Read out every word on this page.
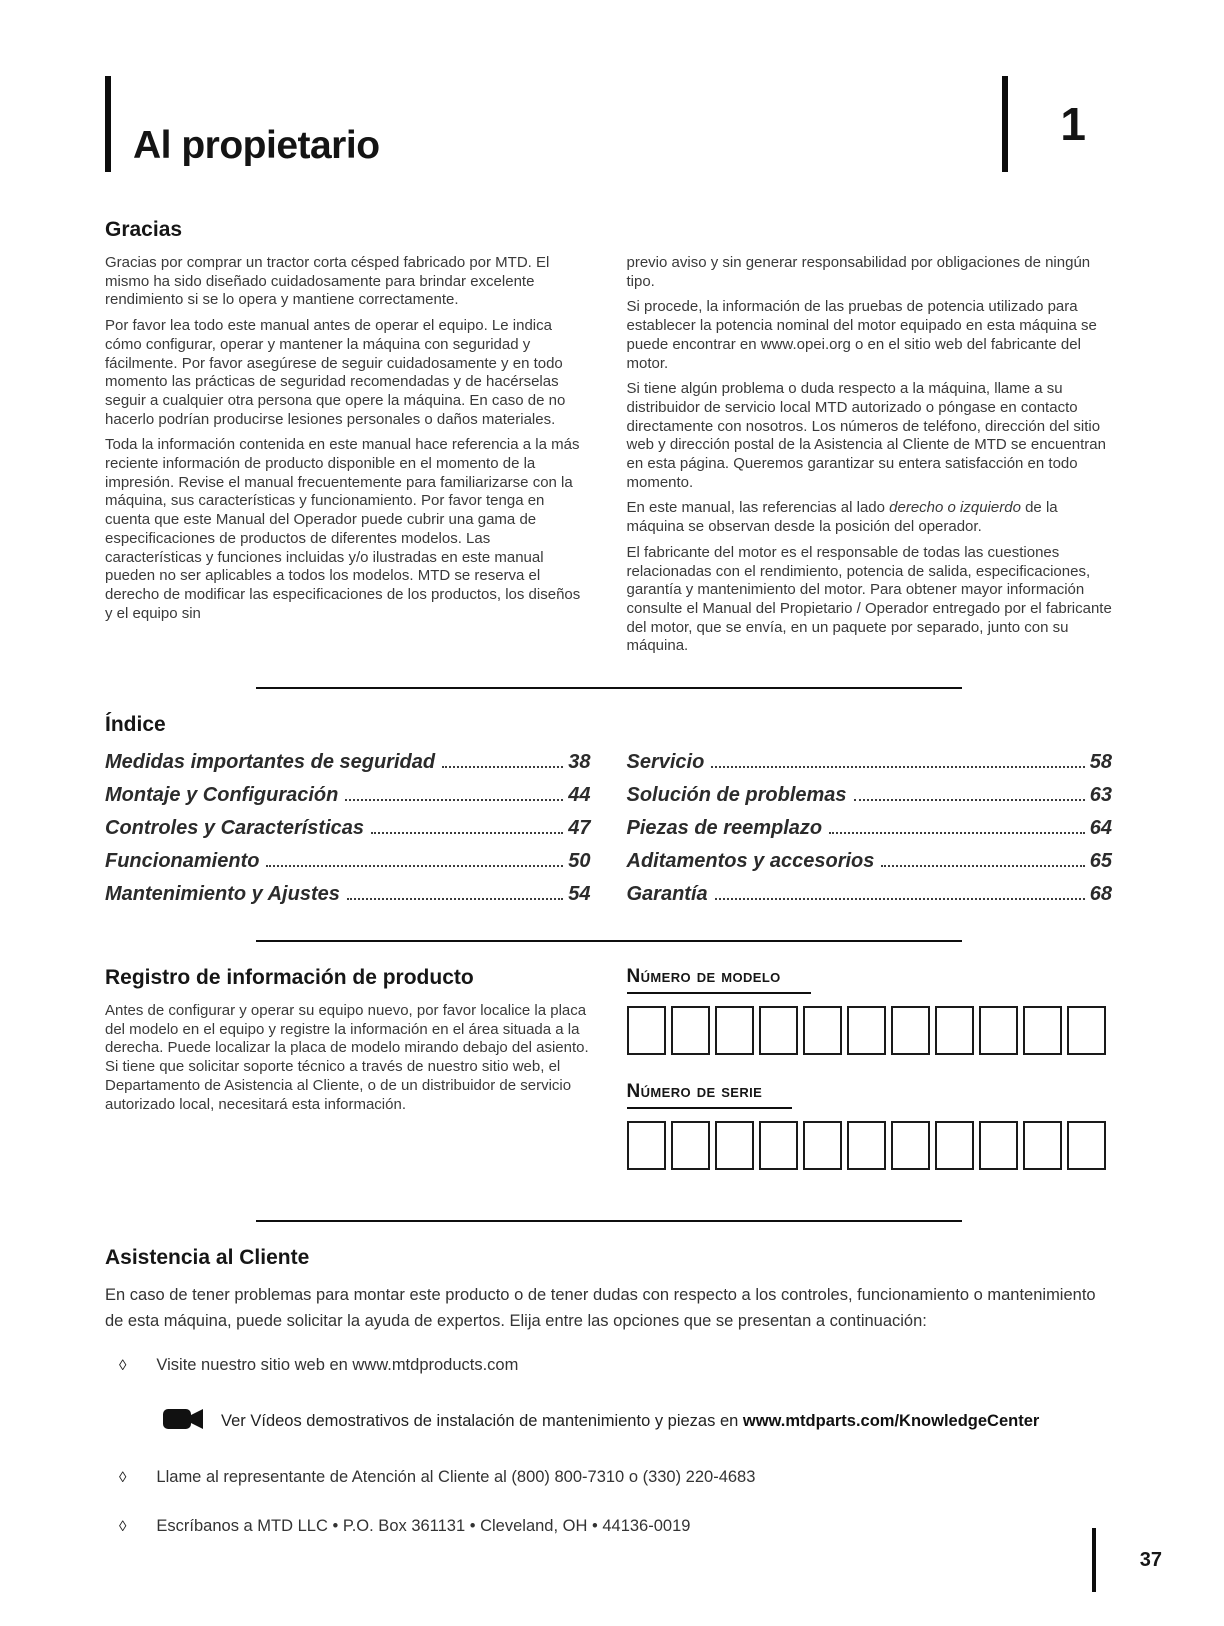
Al propietario	1
Gracias

Gracias por comprar un tractor corta césped fabricado por MTD. El mismo ha sido diseñado cuidadosamente para brindar excelente rendimiento si se lo opera y mantiene correctamente.

Por favor lea todo este manual antes de operar el equipo. Le indica cómo configurar, operar y mantener la máquina con seguridad y fácilmente. Por favor asegúrese de seguir cuidadosamente y en todo momento las prácticas de seguridad recomendadas y de hacérselas seguir a cualquier otra persona que opere la máquina. En caso de no hacerlo podrían producirse lesiones personales o daños materiales.

Toda la información contenida en este manual hace referencia a la más reciente información de producto disponible en el momento de la impresión. Revise el manual frecuentemente para familiarizarse con la máquina, sus características y funcionamiento. Por favor tenga en cuenta que este Manual del Operador puede cubrir una gama de especificaciones de productos de diferentes modelos. Las características y funciones incluidas y/o ilustradas en este manual pueden no ser aplicables a todos los modelos. MTD se reserva el derecho de modificar las especificaciones de los productos, los diseños y el equipo sin

previo aviso y sin generar responsabilidad por obligaciones de ningún tipo.

Si procede, la información de las pruebas de potencia utilizado para establecer la potencia nominal del motor equipado en esta máquina se puede encontrar en www.opei.org o en el sitio web del fabricante del motor.

Si tiene algún problema o duda respecto a la máquina, llame a su distribuidor de servicio local MTD autorizado o póngase en contacto directamente con nosotros. Los números de teléfono, dirección del sitio web y dirección postal de la Asistencia al Cliente de MTD se encuentran en esta página. Queremos garantizar su entera satisfacción en todo momento.

En este manual, las referencias al lado derecho o izquierdo de la máquina se observan desde la posición del operador.

El fabricante del motor es el responsable de todas las cuestiones relacionadas con el rendimiento, potencia de salida, especificaciones, garantía y mantenimiento del motor. Para obtener mayor información consulte el Manual del Propietario / Operador entregado por el fabricante del motor, que se envía, en un paquete por separado, junto con su máquina.

Índice
Medidas importantes de seguridad	38
Montaje y Configuración	44
Controles y Características	47
Funcionamiento	50
Mantenimiento y Ajustes	54
Servicio	58
Solución de problemas	63
Piezas de reemplazo	64
Aditamentos y accesorios	65
Garantía	68
Registro de información de producto

Antes de configurar y operar su equipo nuevo, por favor localice la placa del modelo en el equipo y registre la información en el área situada a la derecha. Puede localizar la placa de modelo mirando debajo del asiento. Si tiene que solicitar soporte técnico a través de nuestro sitio web, el Departamento de Asistencia al Cliente, o de un distribuidor de servicio autorizado local, necesitará esta información.

Número de modelo
Número de serie
Asistencia al Cliente

En caso de tener problemas para montar este producto o de tener dudas con respecto a los controles, funcionamiento o mantenimiento de esta máquina, puede solicitar la ayuda de expertos. Elija entre las opciones que se presentan a continuación:

◊ Visite nuestro sitio web en www.mtdproducts.com
Ver Vídeos demostrativos de instalación de mantenimiento y piezas en www.mtdparts.com/KnowledgeCenter
◊ Llame al representante de Atención al Cliente al (800) 800-7310 o (330) 220-4683
◊ Escríbanos a MTD LLC • P.O. Box 361131 • Cleveland, OH • 44136-0019
37
